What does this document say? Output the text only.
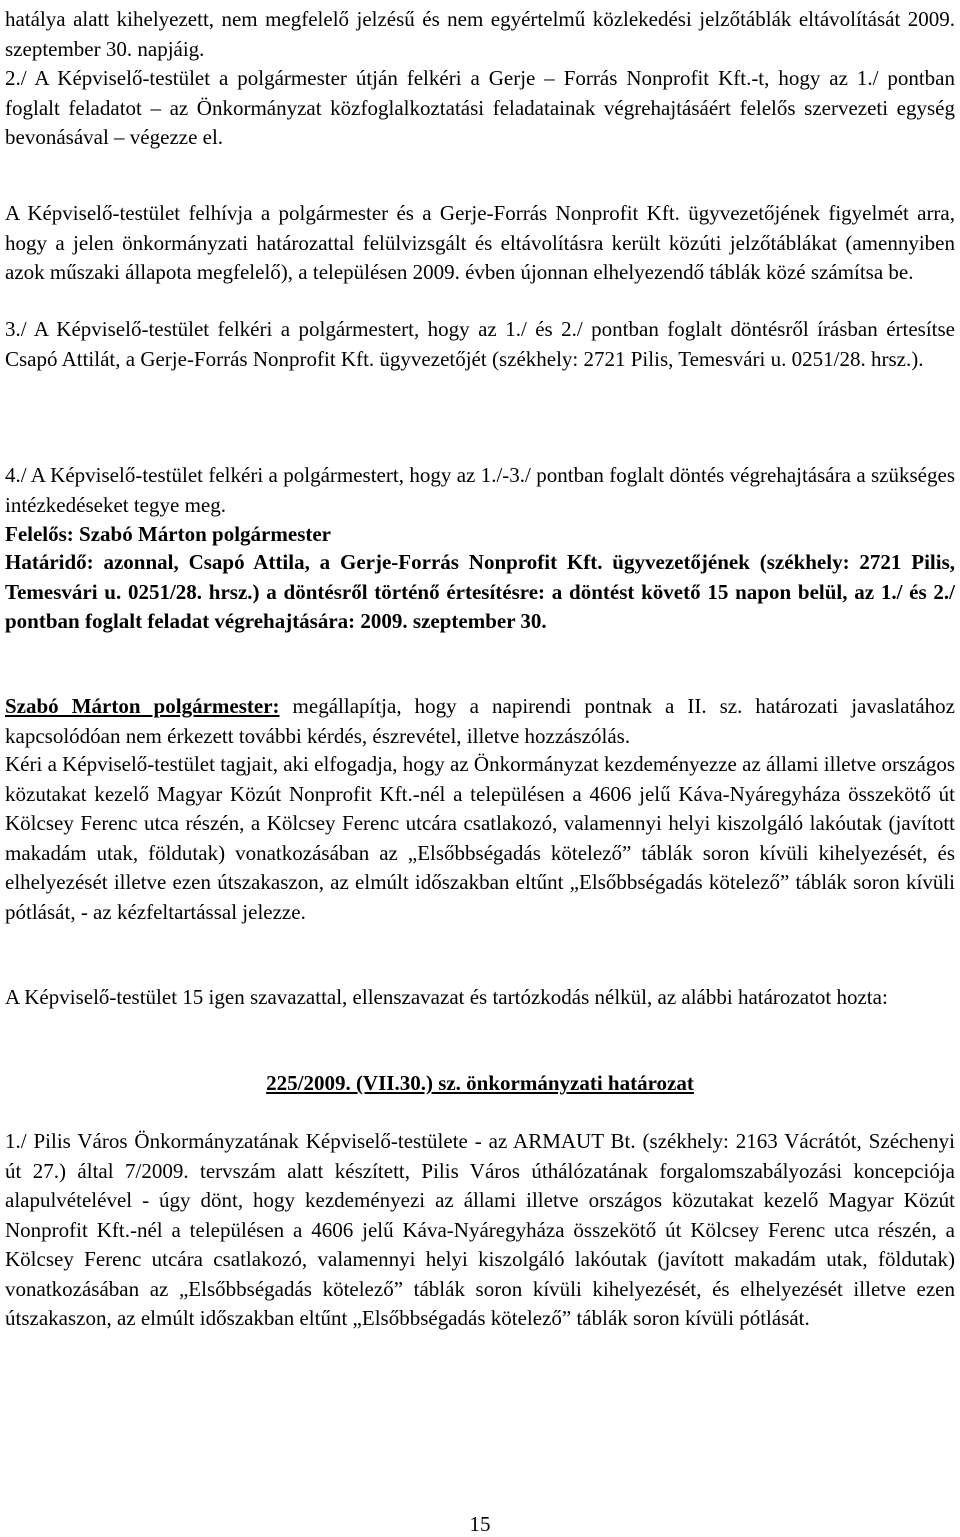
hatálya alatt kihelyezett, nem megfelelő jelzésű és nem egyértelmű közlekedési jelzőtáblák eltávolítását 2009. szeptember 30. napjáig.

2./ A Képviselő-testület a polgármester útján felkéri a Gerje – Forrás Nonprofit Kft.-t, hogy az 1./ pontban foglalt feladatot – az Önkormányzat közfoglalkoztatási feladatainak végrehajtásáért felelős szervezeti egység bevonásával – végezze el.

A Képviselő-testület felhívja a polgármester és a Gerje-Forrás Nonprofit Kft. ügyvezetőjének figyelmét arra, hogy a jelen önkormányzati határozattal felülvizsgált és eltávolításra került közúti jelzőtáblákat (amennyiben azok műszaki állapota megfelelő), a településen 2009. évben újonnan elhelyezendő táblák közé számítsa be.

3./ A Képviselő-testület felkéri a polgármestert, hogy az 1./ és 2./ pontban foglalt döntésről írásban értesítse Csapó Attilát, a Gerje-Forrás Nonprofit Kft. ügyvezetőjét (székhely: 2721 Pilis, Temesvári u. 0251/28. hrsz.).

4./ A Képviselő-testület felkéri a polgármestert, hogy az 1./-3./ pontban foglalt döntés végrehajtására a szükséges intézkedéseket tegye meg.

Felelős: Szabó Márton polgármester

Határidő: azonnal, Csapó Attila, a Gerje-Forrás Nonprofit Kft. ügyvezetőjének (székhely: 2721 Pilis, Temesvári u. 0251/28. hrsz.) a döntésről történő értesítésre: a döntést követő 15 napon belül, az 1./ és 2./ pontban foglalt feladat végrehajtására: 2009. szeptember 30.

Szabó Márton polgármester: megállapítja, hogy a napirendi pontnak a II. sz. határozati javaslatához kapcsolódóan nem érkezett további kérdés, észrevétel, illetve hozzászólás.

Kéri a Képviselő-testület tagjait, aki elfogadja, hogy az Önkormányzat kezdeményezze az állami illetve országos közutakat kezelő Magyar Közút Nonprofit Kft.-nél a településen a 4606 jelű Káva-Nyáregyháza összekötő út Kölcsey Ferenc utca részén, a Kölcsey Ferenc utcára csatlakozó, valamennyi helyi kiszolgáló lakóutak (javított makadám utak, földutak) vonatkozásában az „Elsőbbségadás kötelező” táblák soron kívüli kihelyezését, és elhelyezését illetve ezen útszakaszon, az elmúlt időszakban eltűnt „Elsőbbségadás kötelező” táblák soron kívüli pótlását, - az kézfeltartással jelezze.

A Képviselő-testület 15 igen szavazattal, ellenszavazat és tartózkodás nélkül, az alábbi határozatot hozta:

225/2009. (VII.30.) sz. önkormányzati határozat

1./ Pilis Város Önkormányzatának Képviselő-testülete - az ARMAUT Bt. (székhely: 2163 Vácrátót, Széchenyi út 27.) által 7/2009. tervszám alatt készített, Pilis Város úthálózatának forgalomszabályozási koncepciója alapulvételével - úgy dönt, hogy kezdeményezi az állami illetve országos közutakat kezelő Magyar Közút Nonprofit Kft.-nél a településen a 4606 jelű Káva-Nyáregyháza összekötő út Kölcsey Ferenc utca részén, a Kölcsey Ferenc utcára csatlakozó, valamennyi helyi kiszolgáló lakóutak (javított makadám utak, földutak) vonatkozásában az „Elsőbbségadás kötelező” táblák soron kívüli kihelyezését, és elhelyezését illetve ezen útszakaszon, az elmúlt időszakban eltűnt „Elsőbbségadás kötelező” táblák soron kívüli pótlását.

15
